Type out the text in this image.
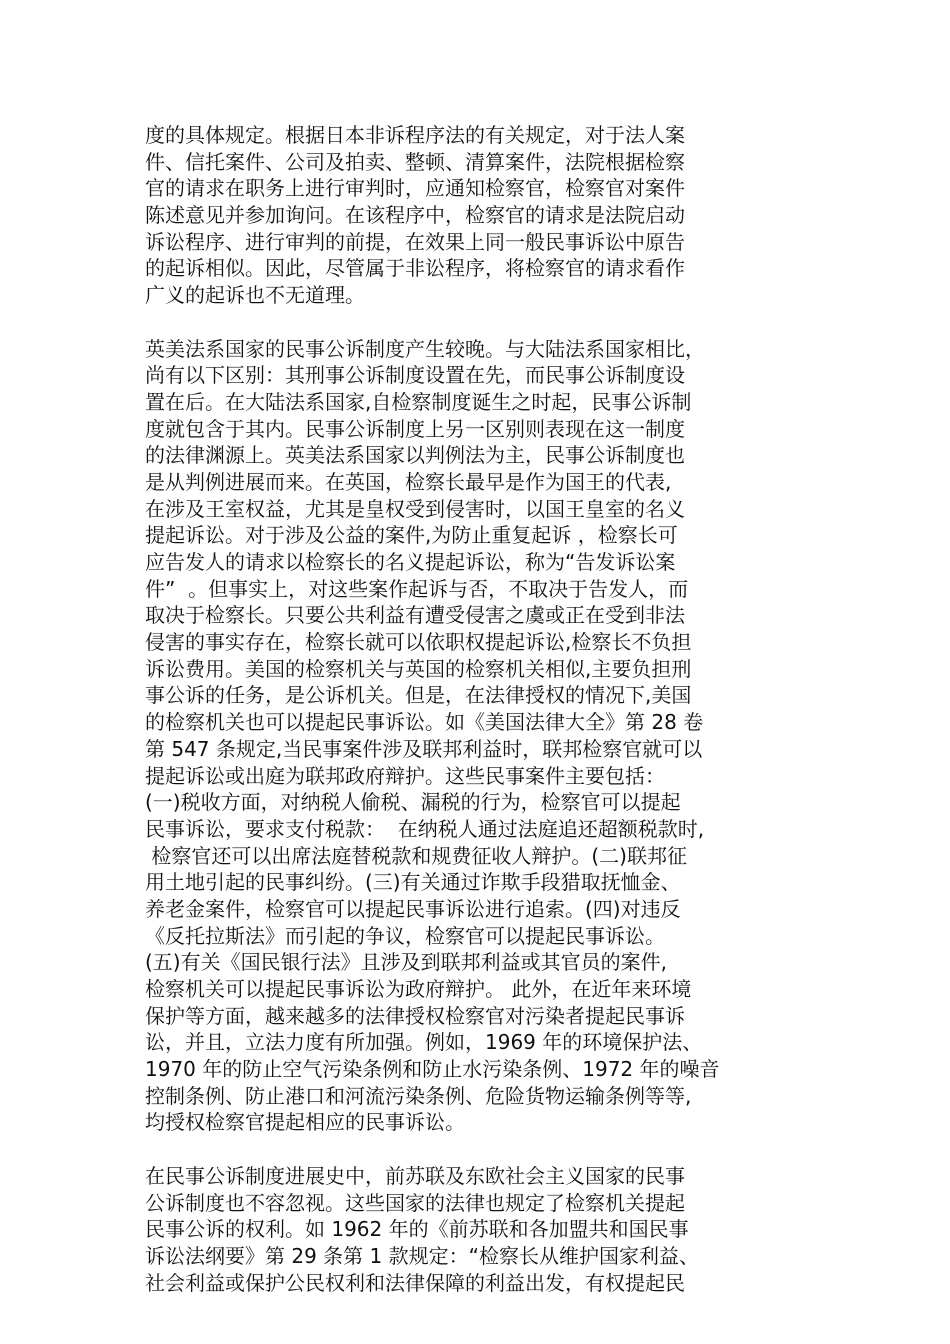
度的具体规定。根据日本非诉程序法的有关规定，对于法人案
件、信托案件、公司及拍卖、整顿、清算案件，法院根据检察
官的请求在职务上进行审判时，应通知检察官，检察官对案件
陈述意见并参加询问。在该程序中，检察官的请求是法院启动
诉讼程序、进行审判的前提，在效果上同一般民事诉讼中原告
的起诉相似。因此，尽管属于非讼程序，将检察官的请求看作
广义的起诉也不无道理。
英美法系国家的民事公诉制度产生较晚。与大陆法系国家相比，
尚有以下区别：其刑事公诉制度设置在先，而民事公诉制度设
置在后。在大陆法系国家,自检察制度诞生之时起，民事公诉制
度就包含于其内。民事公诉制度上另一区别则表现在这一制度
的法律渊源上。英美法系国家以判例法为主，民事公诉制度也
是从判例进展而来。在英国，检察长最早是作为国王的代表,
在涉及王室权益，尤其是皇权受到侵害时，以国王皇室的名义
提起诉讼。对于涉及公益的案件,为防止重复起诉 ，检察长可
应告发人的请求以检察长的名义提起诉讼，称为“告发诉讼案
件”  。但事实上，对这些案作起诉与否，不取决于告发人，而
取决于检察长。只要公共利益有遭受侵害之虞或正在受到非法
侵害的事实存在，检察长就可以依职权提起诉讼,检察长不负担
诉讼费用。美国的检察机关与英国的检察机关相似,主要负担刑
事公诉的任务，是公诉机关。但是，在法律授权的情况下,美国
的检察机关也可以提起民事诉讼。如《美国法律大全》第 28 卷
第 547 条规定,当民事案件涉及联邦利益时，联邦检察官就可以
提起诉讼或出庭为联邦政府辩护。这些民事案件主要包括：
(一)税收方面，对纳税人偷税、漏税的行为，检察官可以提起
民事诉讼，要求支付税款：  在纳税人通过法庭追还超额税款时,
检察官还可以出席法庭替税款和规费征收人辩护。(二)联邦征
用土地引起的民事纠纷。(三)有关通过诈欺手段猎取抚恤金、
养老金案件，检察官可以提起民事诉讼进行追索。(四)对违反
《反托拉斯法》而引起的争议，检察官可以提起民事诉讼。
(五)有关《国民银行法》且涉及到联邦利益或其官员的案件,
检察机关可以提起民事诉讼为政府辩护。 此外，在近年来环境
保护等方面，越来越多的法律授权检察官对污染者提起民事诉
讼，并且，立法力度有所加强。例如，1969 年的环境保护法、
1970 年的防止空气污染条例和防止水污染条例、1972 年的噪音
控制条例、防止港口和河流污染条例、危险货物运输条例等等,
均授权检察官提起相应的民事诉讼。
在民事公诉制度进展史中，前苏联及东欧社会主义国家的民事
公诉制度也不容忽视。这些国家的法律也规定了检察机关提起
民事公诉的权利。如 1962 年的《前苏联和各加盟共和国民事
诉讼法纲要》第 29 条第 1 款规定：“检察长从维护国家利益、
社会利益或保护公民权利和法律保障的利益出发，有权提起民
